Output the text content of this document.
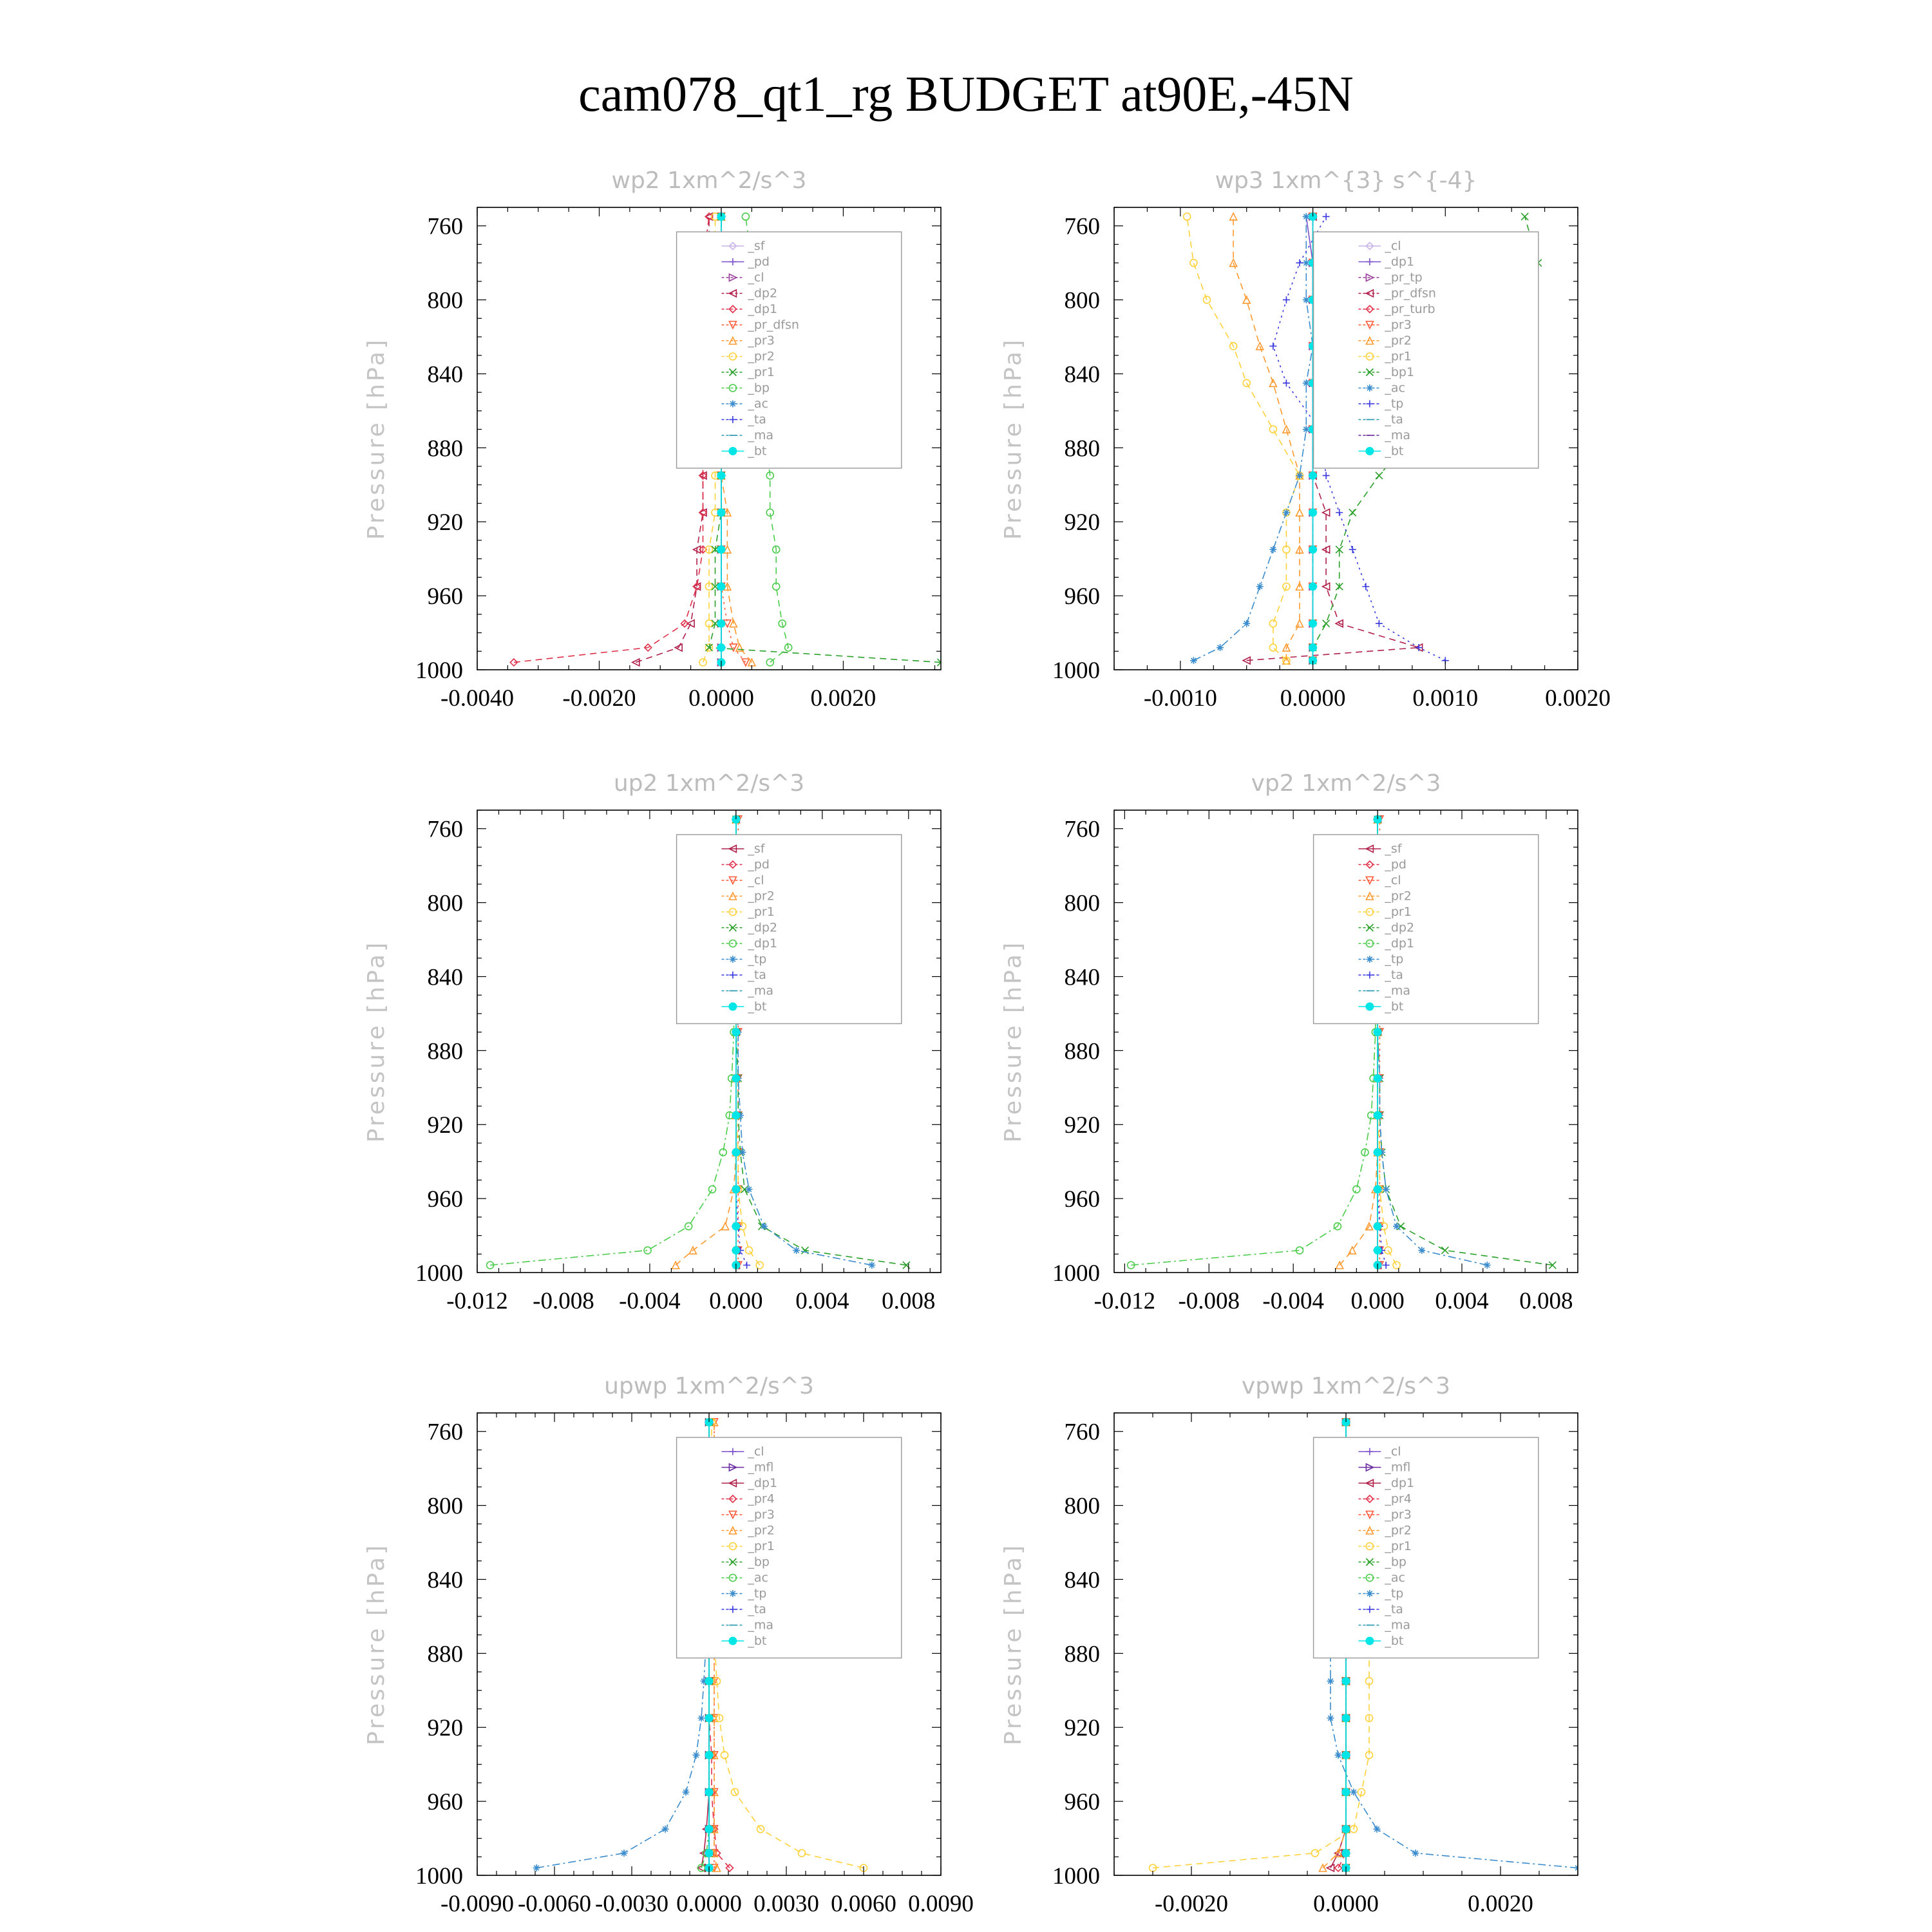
cam078_qt1_rg BUDGET at90E,-45N
wp2 1xm^2/s^3
Pressure [hPa]
760
800
840
880
920
960
1000
-0.0040 -0.0020 0.0000 0.0020
_sf
_pd
_cl
_dp2
_dp1
_pr_dfsn
_pr3
_pr2
_pr1
_bp
_ac
_ta
_ma
_bt
wp3 1xm^{3} s^{-4}
Pressure [hPa]
760
800
840
880
920
960
1000
-0.0010	0.0000	0.0010	0.0020
_cl
_dp1
_pr_tp
_pr_dfsn
_pr_turb
_pr3
_pr2
_pr1
_bp1
_ac
_tp
_ta
_ma
_bt
up2 1xm^2/s^3
Pressure [hPa]
760
800
840
880
920
960
1000
-0.012 -0.008 -0.004 0.000 0.004 0.008
_sf
_pd
_cl
_pr2
_pr1
_dp2
_dp1
_tp
_ta
_ma
_bt
vp2 1xm^2/s^3
Pressure [hPa]
760
800
840
880
920
960
1000
-0.012 -0.008 -0.004 0.000 0.004 0.008
_sf
_pd
_cl
_pr2
_pr1
_dp2
_dp1
_tp
_ta
_ma
_bt
upwp 1xm^2/s^3
Pressure [hPa]
760
800
840
880
920
960
1000
-0.0090 -0.0060 -0.0030 0.0000 0.0030 0.0060 0.0090
_cl
_mfl
_dp1
_pr4
_pr3
_pr2
_pr1
_bp
_ac
_tp
_ta
_ma
_bt
vpwp 1xm^2/s^3
Pressure [hPa]
760
800
840
880
920
960
1000
-0.0020	0.0000	0.0020
_cl
_mfl
_dp1
_pr4
_pr3
_pr2
_pr1
_bp
_ac
_tp
_ta
_ma
_bt
